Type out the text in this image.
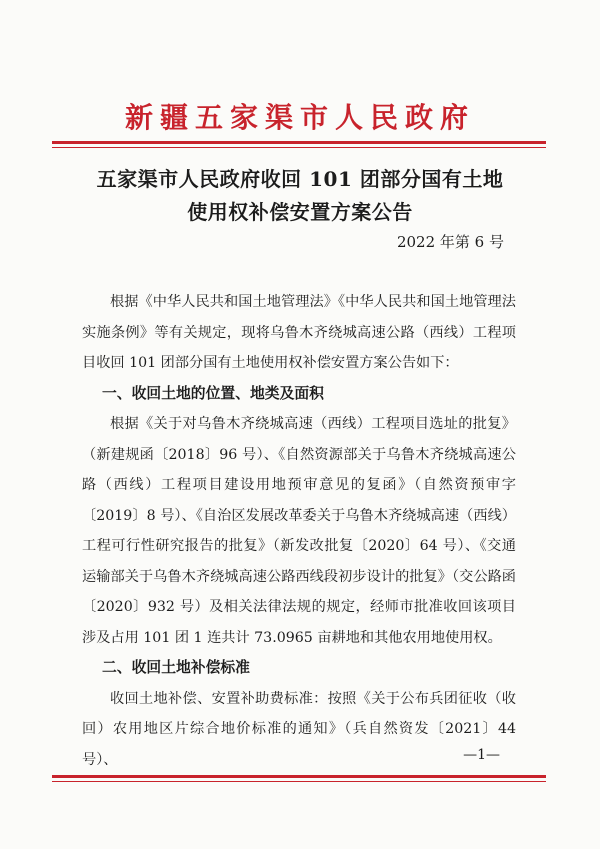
新疆五家渠市人民政府
五家渠市人民政府收回 101 团部分国有土地
使用权补偿安置方案公告
2022 年第 6 号

根据《中华人民共和国土地管理法》《中华人民共和国土地管理法实施条例》等有关规定，现将乌鲁木齐绕城高速公路（西线）工程项目收回 101 团部分国有土地使用权补偿安置方案公告如下：

一、收回土地的位置、地类及面积

根据《关于对乌鲁木齐绕城高速（西线）工程项目选址的批复》（新建规函〔2018〕96 号）、《自然资源部关于乌鲁木齐绕城高速公路（西线）工程项目建设用地预审意见的复函》（自然资预审字〔2019〕8 号）、《自治区发展改革委关于乌鲁木齐绕城高速（西线）工程可行性研究报告的批复》（新发改批复〔2020〕64 号）、《交通运输部关于乌鲁木齐绕城高速公路西线段初步设计的批复》（交公路函〔2020〕932 号）及相关法律法规的规定，经师市批准收回该项目涉及占用 101 团 1 连共计 73.0965 亩耕地和其他农用地使用权。

二、收回土地补偿标准

收回土地补偿、安置补助费标准：按照《关于公布兵团征收（收回）农用地区片综合地价标准的通知》（兵自然资发〔2021〕44 号）、	—1—
